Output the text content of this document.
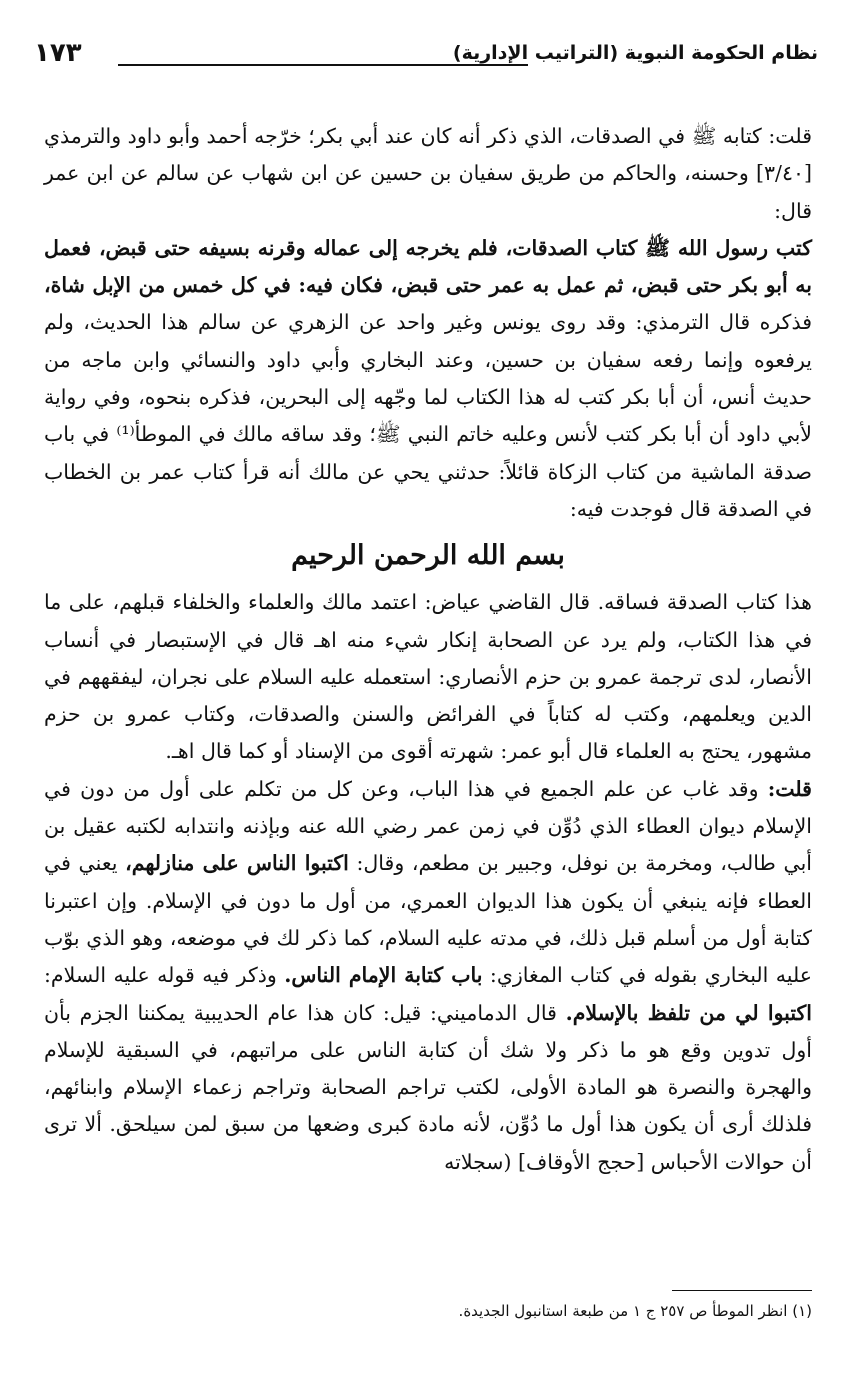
نظام الحكومة النبوية (التراتيب الإدارية)
١٧٣

قلت: كتابه ﷺ في الصدقات، الذي ذكر أنه كان عند أبي بكر؛ خرّجه أحمد وأبو داود والترمذي [٣/٤٠] وحسنه، والحاكم من طريق سفيان بن حسين عن ابن شهاب عن سالم عن ابن عمر قال:

كتب رسول الله ﷺ كتاب الصدقات، فلم يخرجه إلى عماله وقرنه بسيفه حتى قبض، فعمل به أبو بكر حتى قبض، ثم عمل به عمر حتى قبض، فكان فيه: في كل خمس من الإبل شاة، فذكره قال الترمذي: وقد روى يونس وغير واحد عن الزهري عن سالم هذا الحديث، ولم يرفعوه وإنما رفعه سفيان بن حسين، وعند البخاري وأبي داود والنسائي وابن ماجه من حديث أنس، أن أبا بكر كتب له هذا الكتاب لما وجّهه إلى البحرين، فذكره بنحوه، وفي رواية لأبي داود أن أبا بكر كتب لأنس وعليه خاتم النبي ﷺ؛ وقد ساقه مالك في الموطأ⁽¹⁾ في باب صدقة الماشية من كتاب الزكاة قائلاً: حدثني يحي عن مالك أنه قرأ كتاب عمر بن الخطاب في الصدقة قال فوجدت فيه:

بسم الله الرحمن الرحيم

هذا كتاب الصدقة فساقه. قال القاضي عياض: اعتمد مالك والعلماء والخلفاء قبلهم، على ما في هذا الكتاب، ولم يرد عن الصحابة إنكار شيء منه اهـ قال في الإستبصار في أنساب الأنصار، لدى ترجمة عمرو بن حزم الأنصاري: استعمله عليه السلام على نجران، ليفقههم في الدين ويعلمهم، وكتب له كتاباً في الفرائض والسنن والصدقات، وكتاب عمرو بن حزم مشهور، يحتج به العلماء قال أبو عمر: شهرته أقوى من الإسناد أو كما قال اهـ.

قلت: وقد غاب عن علم الجميع في هذا الباب، وعن كل من تكلم على أول من دون في الإسلام ديوان العطاء الذي دُوِّن في زمن عمر رضي الله عنه وبإذنه وانتدابه لكتبه عقيل بن أبي طالب، ومخرمة بن نوفل، وجبير بن مطعم، وقال: اكتبوا الناس على منازلهم، يعني في العطاء فإنه ينبغي أن يكون هذا الديوان العمري، من أول ما دون في الإسلام. وإن اعتبرنا كتابة أول من أسلم قبل ذلك، في مدته عليه السلام، كما ذكر لك في موضعه، وهو الذي بوّب عليه البخاري بقوله في كتاب المغازي: باب كتابة الإمام الناس. وذكر فيه قوله عليه السلام: اكتبوا لي من تلفظ بالإسلام. قال الدماميني: قيل: كان هذا عام الحديبية يمكننا الجزم بأن أول تدوين وقع هو ما ذكر ولا شك أن كتابة الناس على مراتبهم، في السبقية للإسلام والهجرة والنصرة هو المادة الأولى، لكتب تراجم الصحابة وتراجم زعماء الإسلام وابنائهم، فلذلك أرى أن يكون هذا أول ما دُوِّن، لأنه مادة كبرى وضعها من سبق لمن سيلحق. ألا ترى أن حوالات الأحباس [حجج الأوقاف] (سجلاته

(١) انظر الموطأ ص ٢٥٧ ج ١ من طبعة استانبول الجديدة.
